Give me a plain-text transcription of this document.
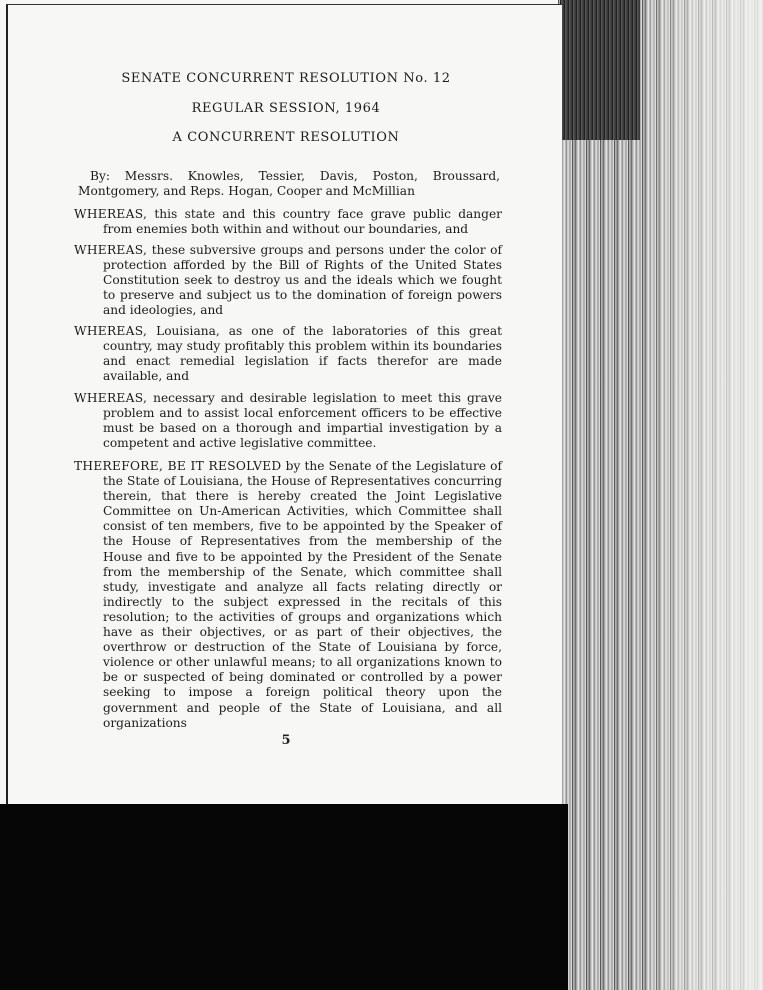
SENATE CONCURRENT RESOLUTION No. 12
REGULAR SESSION, 1964
A CONCURRENT RESOLUTION
By: Messrs. Knowles, Tessier, Davis, Poston, Broussard, Montgomery, and Reps. Hogan, Cooper and McMillian
WHEREAS, this state and this country face grave public danger from enemies both within and without our boundaries, and
WHEREAS, these subversive groups and persons under the color of protection afforded by the Bill of Rights of the United States Constitution seek to destroy us and the ideals which we fought to preserve and subject us to the domination of foreign powers and ideologies, and
WHEREAS, Louisiana, as one of the laboratories of this great country, may study profitably this problem within its boundaries and enact remedial legislation if facts therefor are made available, and
WHEREAS, necessary and desirable legislation to meet this grave problem and to assist local enforcement officers to be effective must be based on a thorough and impartial investigation by a competent and active legislative committee.
THEREFORE, BE IT RESOLVED by the Senate of the Legislature of the State of Louisiana, the House of Representatives concurring therein, that there is hereby created the Joint Legislative Committee on Un-American Activities, which Committee shall consist of ten members, five to be appointed by the Speaker of the House of Representatives from the membership of the House and five to be appointed by the President of the Senate from the membership of the Senate, which committee shall study, investigate and analyze all facts relating directly or indirectly to the subject expressed in the recitals of this resolution; to the activities of groups and organizations which have as their objectives, or as part of their objectives, the overthrow or destruction of the State of Louisiana by force, violence or other unlawful means; to all organizations known to be or suspected of being dominated or controlled by a power seeking to impose a foreign political theory upon the government and people of the State of Louisiana, and all organizations
5
